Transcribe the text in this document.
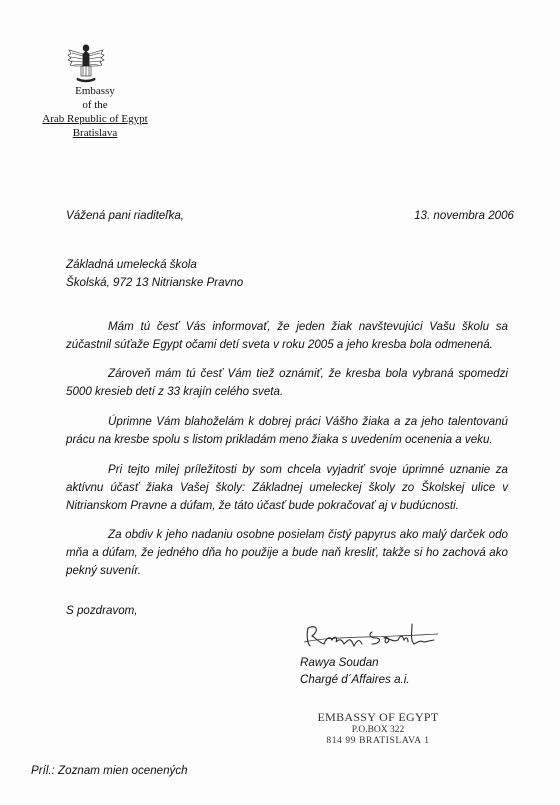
Embassy
of the
Arab Republic of Egypt
Bratislava
Vážená pani riaditeľka,	13. novembra 2006
Základná umelecká škola
Školská, 972 13 Nitrianske Pravno
Mám tú česť Vás informovať, že jeden žiak navštevujúci Vašu školu sa zúčastnil súťaže Egypt očami detí sveta v roku 2005 a jeho kresba bola odmenená.
Zároveň mám tú česť Vám tiež oznámiť, že kresba bola vybraná spomedzi 5000 kresieb detí z 33 krajín celého sveta.
Úprimne Vám blahoželám k dobrej práci Vášho žiaka a za jeho talentovanú prácu na kresbe spolu s listom prikladám meno žiaka s uvedením ocenenia a veku.
Pri tejto milej príležitosti by som chcela vyjadriť svoje úprimné uznanie za aktívnu účasť žiaka Vašej školy: Základnej umeleckej školy zo Školskej ulice v Nitrianskom Pravne a dúfam, že táto účasť bude pokračovať aj v budúcnosti.
Za obdiv k jeho nadaniu osobne posielam čistý papyrus ako malý darček odo mňa a dúfam, že jedného dňa ho použije a bude naň kresliť, takže si ho zachová ako pekný suvenír.
S pozdravom,
Rawya Soudan
Chargé d´Affaires a.i.
EMBASSY OF EGYPT
P.O.BOX 322
814 99 BRATISLAVA 1
Príl.: Zoznam mien ocenených
